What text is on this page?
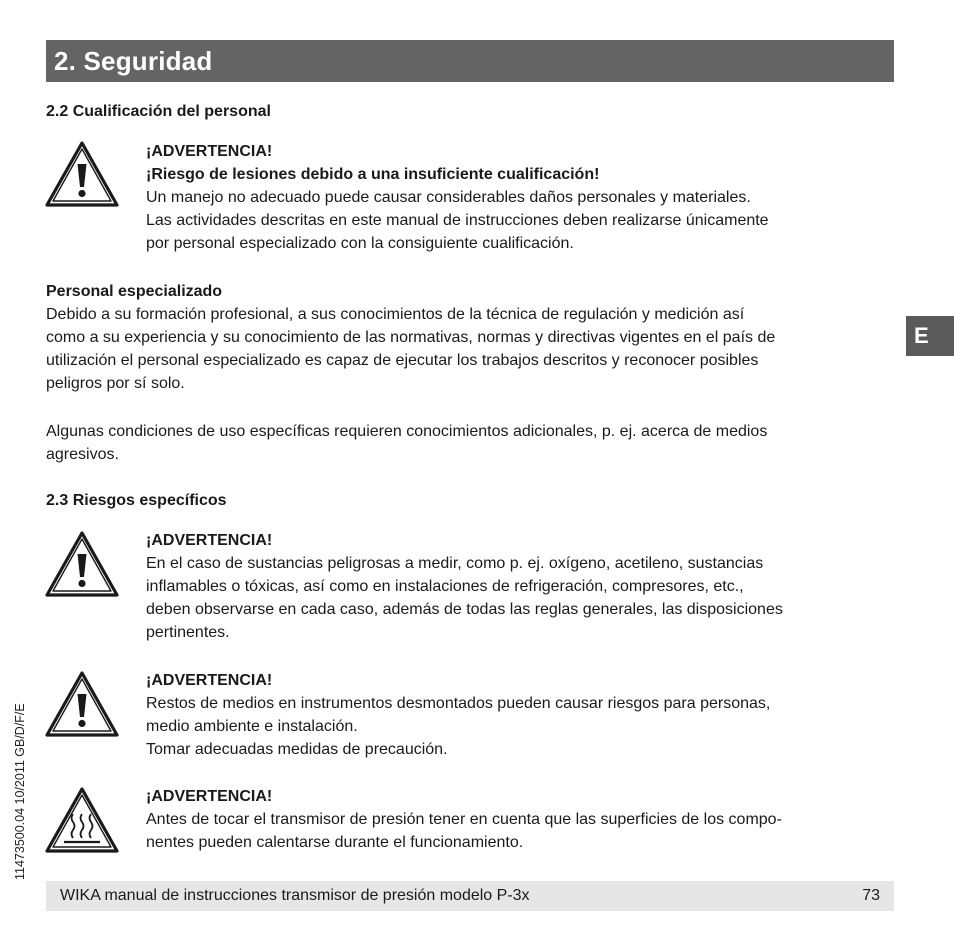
2. Seguridad
2.2 Cualificación del personal

¡ADVERTENCIA!

¡Riesgo de lesiones debido a una insuficiente cualificación!

Un manejo no adecuado puede causar considerables daños personales y materiales.

Las actividades descritas en este manual de instrucciones deben realizarse únicamente

por personal especializado con la consiguiente cualificación.

Personal especializado

Debido a su formación profesional, a sus conocimientos de la técnica de regulación y medición así

como a su experiencia y su conocimiento de las normativas, normas y directivas vigentes en el país de

utilización el personal especializado es capaz de ejecutar los trabajos descritos y reconocer posibles

peligros por sí solo.

Algunas condiciones de uso específicas requieren conocimientos adicionales, p. ej. acerca de medios

agresivos.

2.3 Riesgos específicos

¡ADVERTENCIA!

En el caso de sustancias peligrosas a medir, como p. ej. oxígeno, acetileno, sustancias

inflamables o tóxicas, así como en instalaciones de refrigeración, compresores, etc.,

deben observarse en cada caso, además de todas las reglas generales, las disposiciones

pertinentes.

¡ADVERTENCIA!

Restos de medios en instrumentos desmontados pueden causar riesgos para personas,

medio ambiente e instalación.

Tomar adecuadas medidas de precaución.

¡ADVERTENCIA!

Antes de tocar el transmisor de presión tener en cuenta que las superficies de los compo-

nentes pueden calentarse durante el funcionamiento.

E
11473500.04 10/2011 GB/D/F/E
WIKA manual de instrucciones transmisor de presión modelo P-3x	73
